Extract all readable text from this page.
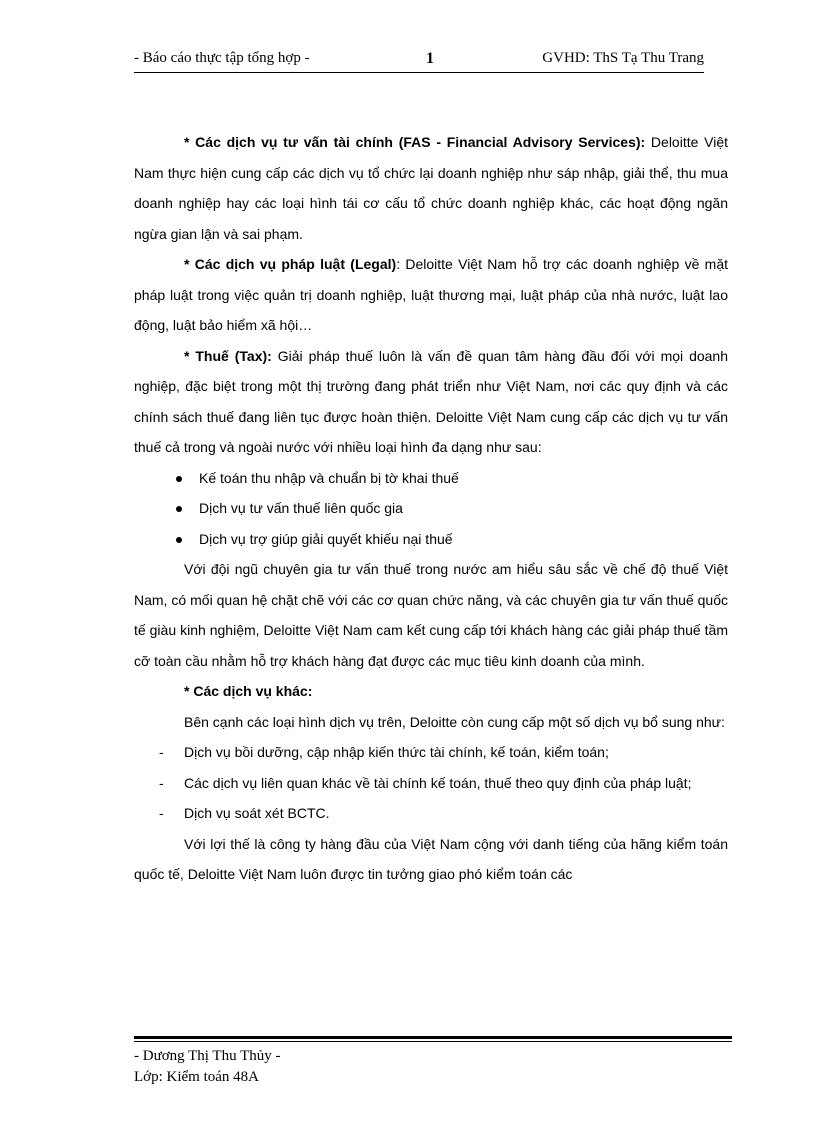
- Báo cáo thực tập tổng hợp -	1	GVHD: ThS Tạ Thu Trang

* Các dịch vụ tư vấn tài chính (FAS - Financial Advisory Services): Deloitte Việt Nam thực hiện cung cấp các dịch vụ tổ chức lại doanh nghiệp như sáp nhập, giải thể, thu mua doanh nghiệp hay các loại hình tái cơ cấu tổ chức doanh nghiệp khác, các hoạt động ngăn ngừa gian lận và sai phạm.

* Các dịch vụ pháp luật (Legal): Deloitte Việt Nam hỗ trợ các doanh nghiệp về mặt pháp luật trong việc quản trị doanh nghiệp, luật thương mại, luật pháp của nhà nước, luật lao động, luật bảo hiểm xã hội…

* Thuế (Tax): Giải pháp thuế luôn là vấn đề quan tâm hàng đầu đối với mọi doanh nghiệp, đặc biệt trong một thị trường đang phát triển như Việt Nam, nơi các quy định và các chính sách thuế đang liên tục được hoàn thiện. Deloitte Việt Nam cung cấp các dịch vụ tư vấn thuế cả trong và ngoài nước với nhiều loại hình đa dạng như sau:

Kế toán thu nhập và chuẩn bị tờ khai thuế
Dịch vụ tư vấn thuế liên quốc gia
Dịch vụ trợ giúp giải quyết khiếu nại thuế

Với đội ngũ chuyên gia tư vấn thuế trong nước am hiểu sâu sắc về chế độ thuế Việt Nam, có mối quan hệ chặt chẽ với các cơ quan chức năng, và các chuyên gia tư vấn thuế quốc tế giàu kinh nghiệm, Deloitte Việt Nam cam kết cung cấp tới khách hàng các giải pháp thuế tầm cỡ toàn cầu nhằm hỗ trợ khách hàng đạt được các mục tiêu kinh doanh của mình.

* Các dịch vụ khác:

Bên cạnh các loại hình dịch vụ trên, Deloitte còn cung cấp một số dịch vụ bổ sung như:

- Dịch vụ bồi dưỡng, cập nhập kiến thức tài chính, kế toán, kiểm toán;
- Các dịch vụ liên quan khác về tài chính kế toán, thuế theo quy định của pháp luật;
- Dịch vụ soát xét BCTC.

Với lợi thế là công ty hàng đầu của Việt Nam cộng với danh tiếng của hãng kiểm toán quốc tế, Deloitte Việt Nam luôn được tin tưởng giao phó kiểm toán các

- Dương Thị Thu Thủy -
Lớp: Kiểm toán 48A
